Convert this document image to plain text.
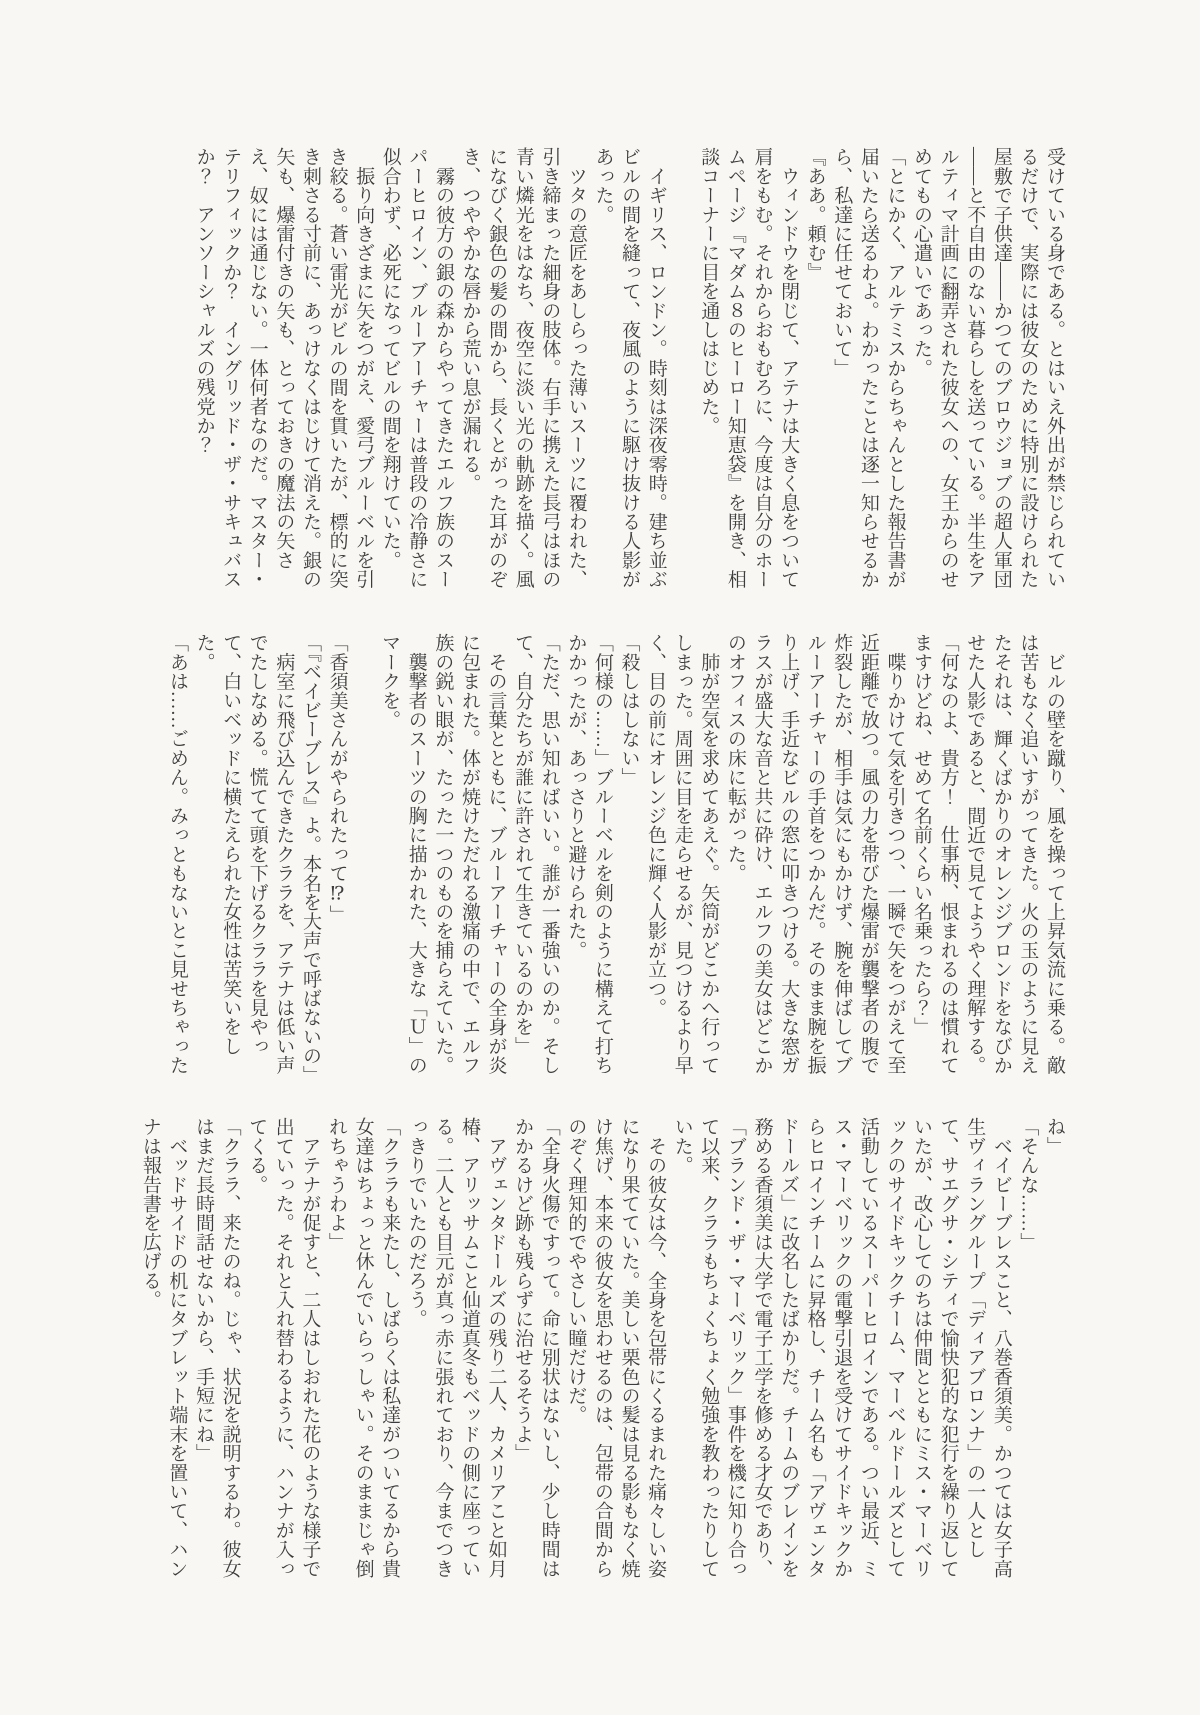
受けている身である。とはいえ外出が禁じられているだけで、実際には彼女のために特別に設けられた屋敷で子供達――かつてのブロウジョブの超人軍団――と不自由のない暮らしを送っている。半生をアルティマ計画に翻弄された彼女への、女王からのせめてもの心遣いであった。

「とにかく、アルテミスからちゃんとした報告書が届いたら送るわよ。わかったことは逐一知らせるから、私達に任せておいて」

『ああ。頼む』

　ウィンドウを閉じて、アテナは大きく息をついて肩をもむ。それからおもむろに、今度は自分のホームページ『マダム８のヒーロー知恵袋』を開き、相談コーナーに目を通しはじめた。

　イギリス、ロンドン。時刻は深夜零時。建ち並ぶビルの間を縫って、夜風のように駆け抜ける人影があった。

　ツタの意匠をあしらった薄いスーツに覆われた、引き締まった細身の肢体。右手に携えた長弓はほの青い燐光をはなち、夜空に淡い光の軌跡を描く。風になびく銀色の髪の間から、長くとがった耳がのぞき、つややかな唇から荒い息が漏れる。

　霧の彼方の銀の森からやってきたエルフ族のスーパーヒロイン、ブルーアーチャーは普段の冷静さに似合わず、必死になってビルの間を翔けていた。

　振り向きざまに矢をつがえ、愛弓ブルーベルを引き絞る。蒼い雷光がビルの間を貫いたが、標的に突き刺さる寸前に、あっけなくはじけて消えた。銀の矢も、爆雷付きの矢も、とっておきの魔法の矢さえ、奴には通じない。一体何者なのだ。マスター・テリフィックか？　イングリッド・ザ・サキュバスか？　アンソーシャルズの残党か？

　ビルの壁を蹴り、風を操って上昇気流に乗る。敵は苦もなく追いすがってきた。火の玉のように見えたそれは、輝くばかりのオレンジブロンドをなびかせた人影であると、間近で見てようやく理解する。

「何なのよ、貴方！　仕事柄、恨まれるのは慣れてますけどね、せめて名前くらい名乗ったら？」

　喋りかけて気を引きつつ、一瞬で矢をつがえて至近距離で放つ。風の力を帯びた爆雷が襲撃者の腹で炸裂したが、相手は気にもかけず、腕を伸ばしてブルーアーチャーの手首をつかんだ。そのまま腕を振り上げ、手近なビルの窓に叩きつける。大きな窓ガラスが盛大な音と共に砕け、エルフの美女はどこかのオフィスの床に転がった。

　肺が空気を求めてあえぐ。矢筒がどこかへ行ってしまった。周囲に目を走らせるが、見つけるより早く、目の前にオレンジ色に輝く人影が立つ。

「殺しはしない」

「何様の……」ブルーベルを剣のように構えて打ちかかったが、あっさりと避けられた。

「ただ、思い知ればいい。誰が一番強いのか。そして、自分たちが誰に許されて生きているのかを」

　その言葉とともに、ブルーアーチャーの全身が炎に包まれた。体が焼けただれる激痛の中で、エルフ族の鋭い眼が、たった一つのものを捕らえていた。

　襲撃者のスーツの胸に描かれた、大きな「Ｕ」のマークを。

「香須美さんがやられたって⁉」

「『ベイビーブレス』よ。本名を大声で呼ばないの」

　病室に飛び込んできたクララを、アテナは低い声でたしなめる。慌てて頭を下げるクララを見やって、白いベッドに横たえられた女性は苦笑いをした。

「あは……ごめん。みっともないとこ見せちゃった

ね」

「そんな……」

　ベイビーブレスこと、八巻香須美。かつては女子高生ヴィラングループ「ディアブロンナ」の一人として、サエグサ・シティで愉快犯的な犯行を繰り返していたが、改心してのちは仲間とともにミス・マーベリックのサイドキックチーム、マーベルドールズとして活動しているスーパーヒロインである。つい最近、ミス・マーベリックの電撃引退を受けてサイドキックからヒロインチームに昇格し、チーム名も「アヴェンタドールズ」に改名したばかりだ。チームのブレインを務める香須美は大学で電子工学を修める才女であり、「ブランド・ザ・マーベリック」事件を機に知り合って以来、クララもちょくちょく勉強を教わったりしていた。

　その彼女は今、全身を包帯にくるまれた痛々しい姿になり果てていた。美しい栗色の髪は見る影もなく焼け焦げ、本来の彼女を思わせるのは、包帯の合間からのぞく理知的でやさしい瞳だけだ。

「全身火傷ですって。命に別状はないし、少し時間はかかるけど跡も残らずに治せるそうよ」

　アヴェンタドールズの残り二人、カメリアこと如月椿、アリッサムこと仙道真冬もベッドの側に座っている。二人とも目元が真っ赤に張れており、今までつきっきりでいたのだろう。

「クララも来たし、しばらくは私達がついてるから貴女達はちょっと休んでいらっしゃい。そのままじゃ倒れちゃうわよ」

　アテナが促すと、二人はしおれた花のような様子で出ていった。それと入れ替わるように、ハンナが入ってくる。

「クララ、来たのね。じゃ、状況を説明するわ。彼女はまだ長時間話せないから、手短にね」

　ベッドサイドの机にタブレット端末を置いて、ハンナは報告書を広げる。
